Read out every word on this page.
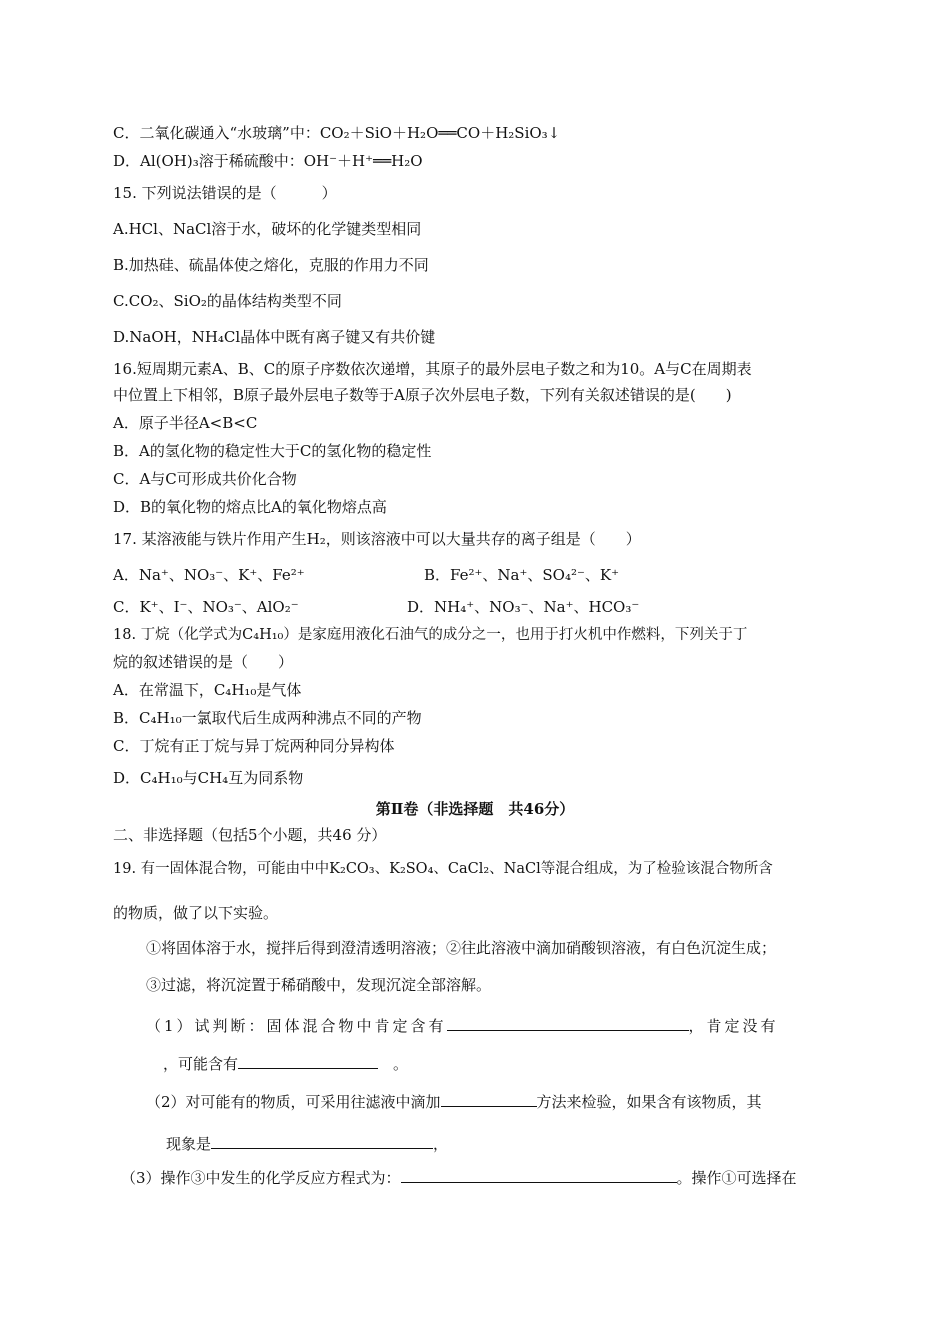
C．二氧化碳通入“水玻璃”中：CO₂＋SiO＋H₂O══CO＋H₂SiO₃↓
D．Al(OH)₃溶于稀硫酸中：OH⁻＋H⁺══H₂O
15. 下列说法错误的是（　　　）
A.HCl、NaCl溶于水，破坏的化学键类型相同
B.加热硅、硫晶体使之熔化，克服的作用力不同
C.CO₂、SiO₂的晶体结构类型不同
D.NaOH，NH₄Cl晶体中既有离子键又有共价键
16.短周期元素A、B、C的原子序数依次递增，其原子的最外层电子数之和为10。A与C在周期表
中位置上下相邻，B原子最外层电子数等于A原子次外层电子数，下列有关叙述错误的是(　　)
A．原子半径A<B<C
B．A的氢化物的稳定性大于C的氢化物的稳定性
C．A与C可形成共价化合物
D．B的氧化物的熔点比A的氧化物熔点高
17. 某溶液能与铁片作用产生H₂，则该溶液中可以大量共存的离子组是（　　）
A．Na⁺、NO₃⁻、K⁺、Fe²⁺	B．Fe²⁺、Na⁺、SO₄²⁻、K⁺
C．K⁺、I⁻、NO₃⁻、AlO₂⁻	D．NH₄⁺、NO₃⁻、Na⁺、HCO₃⁻
18. 丁烷（化学式为C₄H₁₀）是家庭用液化石油气的成分之一，也用于打火机中作燃料，下列关于丁
烷的叙述错误的是（　　）
A．在常温下，C₄H₁₀是气体
B．C₄H₁₀一氯取代后生成两种沸点不同的产物
C．丁烷有正丁烷与异丁烷两种同分异构体
D．C₄H₁₀与CH₄互为同系物
第Ⅱ卷（非选择题　共46分）
二、非选择题（包括5个小题，共46 分）
19. 有一固体混合物，可能由中中K₂CO₃、K₂SO₄、CaCl₂、NaCl等混合组成，为了检验该混合物所含
的物质，做了以下实验。
①将固体溶于水，搅拌后得到澄清透明溶液；②往此溶液中滴加硝酸钡溶液，有白色沉淀生成；
③过滤，将沉淀置于稀硝酸中，发现沉淀全部溶解。
（1）试判断：固体混合物中肯定含有	，肯定没有
，可能含有　	。
（2）对可能有的物质，可采用往滤液中滴加	方法来检验，如果含有该物质，其
现象是	，
（3）操作③中发生的化学反应方程式为：	。操作①可选择在
